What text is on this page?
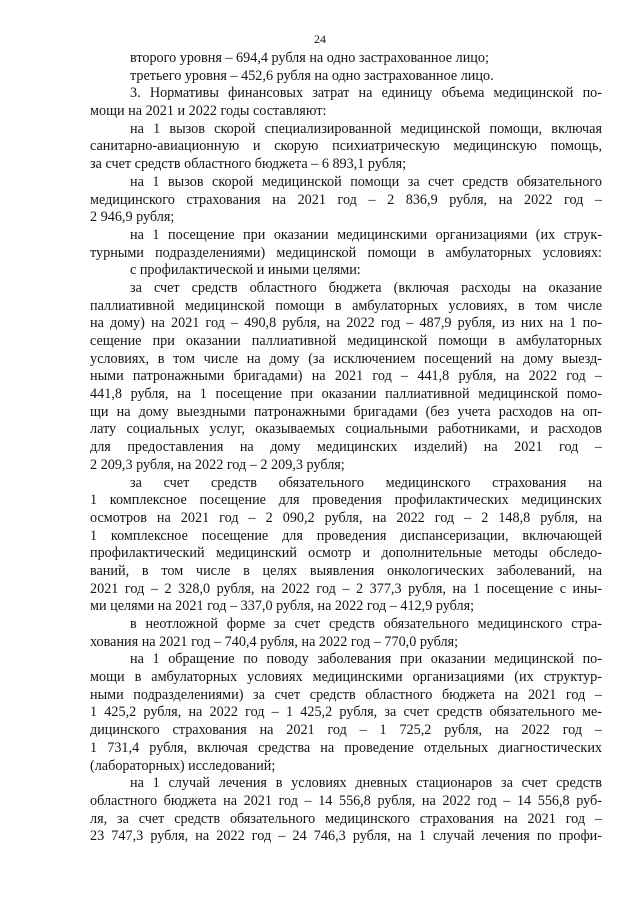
24
второго уровня – 694,4 рубля на одно застрахованное лицо;
третьего уровня – 452,6 рубля на одно застрахованное лицо.
3. Нормативы финансовых затрат на единицу объема медицинской по-
мощи на 2021 и 2022 годы составляют:
на 1 вызов скорой специализированной медицинской помощи, включая
санитарно-авиационную и скорую психиатрическую медицинскую помощь,
за счет средств областного бюджета – 6 893,1 рубля;
на 1 вызов скорой медицинской помощи за счет средств обязательного
медицинского страхования на 2021 год – 2 836,9 рубля, на 2022 год –
2 946,9 рубля;
на 1 посещение при оказании медицинскими организациями (их струк-
турными подразделениями) медицинской помощи в амбулаторных условиях:
с профилактической и иными целями:
за счет средств областного бюджета (включая расходы на оказание
паллиативной медицинской помощи в амбулаторных условиях, в том числе
на дому) на 2021 год – 490,8 рубля, на 2022 год – 487,9 рубля, из них на 1 по-
сещение при оказании паллиативной медицинской помощи в амбулаторных
условиях, в том числе на дому (за исключением посещений на дому выезд-
ными патронажными бригадами) на 2021 год – 441,8 рубля, на 2022 год –
441,8 рубля, на 1 посещение при оказании паллиативной медицинской помо-
щи на дому выездными патронажными бригадами (без учета расходов на оп-
лату социальных услуг, оказываемых социальными работниками, и расходов
для предоставления на дому медицинских изделий) на 2021 год –
2 209,3 рубля, на 2022 год – 2 209,3 рубля;
за счет средств обязательного медицинского страхования на
1 комплексное посещение для проведения профилактических медицинских
осмотров на 2021 год – 2 090,2 рубля, на 2022 год – 2 148,8 рубля, на
1 комплексное посещение для проведения диспансеризации, включающей
профилактический медицинский осмотр и дополнительные методы обследо-
ваний, в том числе в целях выявления онкологических заболеваний, на
2021 год – 2 328,0 рубля, на 2022 год – 2 377,3 рубля, на 1 посещение с ины-
ми целями на 2021 год – 337,0 рубля, на 2022 год – 412,9 рубля;
в неотложной форме за счет средств обязательного медицинского стра-
хования на 2021 год – 740,4 рубля, на 2022 год – 770,0 рубля;
на 1 обращение по поводу заболевания при оказании медицинской по-
мощи в амбулаторных условиях медицинскими организациями (их структур-
ными подразделениями) за счет средств областного бюджета на 2021 год –
1 425,2 рубля, на 2022 год – 1 425,2 рубля, за счет средств обязательного ме-
дицинского страхования на 2021 год – 1 725,2 рубля, на 2022 год –
1 731,4 рубля, включая средства на проведение отдельных диагностических
(лабораторных) исследований;
на 1 случай лечения в условиях дневных стационаров за счет средств
областного бюджета на 2021 год – 14 556,8 рубля, на 2022 год – 14 556,8 руб-
ля, за счет средств обязательного медицинского страхования на 2021 год –
23 747,3 рубля, на 2022 год – 24 746,3 рубля, на 1 случай лечения по профи-
